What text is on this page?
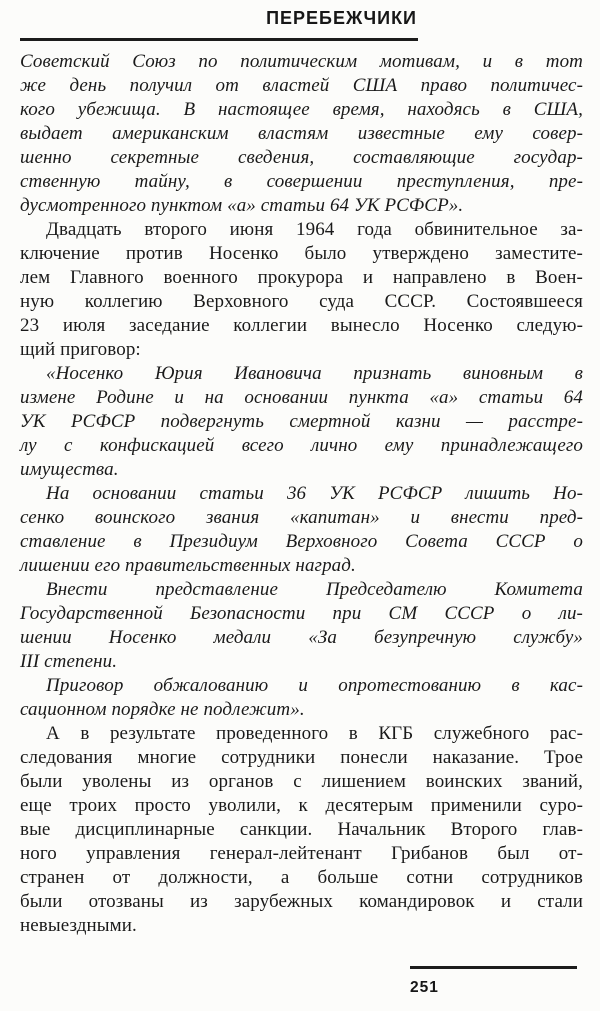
ПЕРЕБЕЖЧИКИ
Советский Союз по политическим мотивам, и в тот
же день получил от властей США право политичес-
кого убежища. В настоящее время, находясь в США,
выдает американским властям известные ему совер-
шенно секретные сведения, составляющие государ-
ственную тайну, в совершении преступления, пре-
дусмотренного пунктом «а» статьи 64 УК РСФСР».
Двадцать второго июня 1964 года обвинительное за-
ключение против Носенко было утверждено заместите-
лем Главного военного прокурора и направлено в Воен-
ную коллегию Верховного суда СССР. Состоявшееся
23 июля заседание коллегии вынесло Носенко следую-
щий приговор:
«Носенко Юрия Ивановича признать виновным в
измене Родине и на основании пункта «а» статьи 64
УК РСФСР подвергнуть смертной казни — расстре-
лу с конфискацией всего лично ему принадлежащего
имущества.
На основании статьи 36 УК РСФСР лишить Но-
сенко воинского звания «капитан» и внести пред-
ставление в Президиум Верховного Совета СССР о
лишении его правительственных наград.
Внести представление Председателю Комитета
Государственной Безопасности при СМ СССР о ли-
шении Носенко медали «За безупречную службу»
III степени.
Приговор обжалованию и опротестованию в кас-
сационном порядке не подлежит».
А в результате проведенного в КГБ служебного рас-
следования многие сотрудники понесли наказание. Трое
были уволены из органов с лишением воинских званий,
еще троих просто уволили, к десятерым применили суро-
вые дисциплинарные санкции. Начальник Второго глав-
ного управления генерал-лейтенант Грибанов был от-
странен от должности, а больше сотни сотрудников
были отозваны из зарубежных командировок и стали
невыездными.
251
